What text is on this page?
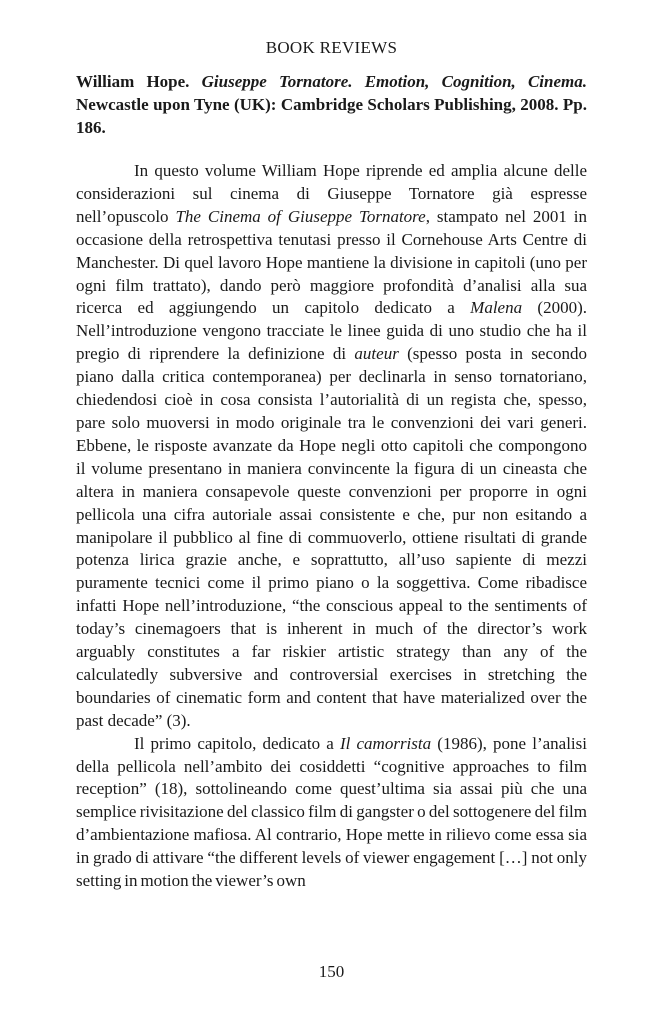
BOOK REVIEWS
William Hope. Giuseppe Tornatore. Emotion, Cognition, Cinema. Newcastle upon Tyne (UK): Cambridge Scholars Publishing, 2008. Pp. 186.

In questo volume William Hope riprende ed amplia alcune delle considerazioni sul cinema di Giuseppe Tornatore già espresse nell’opuscolo The Cinema of Giuseppe Tornatore, stampato nel 2001 in occasione della retrospettiva tenutasi presso il Cornehouse Arts Centre di Manchester. Di quel lavoro Hope mantiene la divisione in capitoli (uno per ogni film trattato), dando però maggiore profondità d’analisi alla sua ricerca ed aggiungendo un capitolo dedicato a Malena (2000). Nell’introduzione vengono tracciate le linee guida di uno studio che ha il pregio di riprendere la definizione di auteur (spesso posta in secondo piano dalla critica contemporanea) per declinarla in senso tornatoriano, chiedendosi cioè in cosa consista l’autorialità di un regista che, spesso, pare solo muoversi in modo originale tra le convenzioni dei vari generi. Ebbene, le risposte avanzate da Hope negli otto capitoli che compongono il volume presentano in maniera convincente la figura di un cineasta che altera in maniera consapevole queste convenzioni per proporre in ogni pellicola una cifra autoriale assai consistente e che, pur non esitando a manipolare il pubblico al fine di commuoverlo, ottiene risultati di grande potenza lirica grazie anche, e soprattutto, all’uso sapiente di mezzi puramente tecnici come il primo piano o la soggettiva. Come ribadisce infatti Hope nell’introduzione, “the conscious appeal to the sentiments of today’s cinemagoers that is inherent in much of the director’s work arguably constitutes a far riskier artistic strategy than any of the calculatedly subversive and controversial exercises in stretching the boundaries of cinematic form and content that have materialized over the past decade” (3).

Il primo capitolo, dedicato a Il camorrista (1986), pone l’analisi della pellicola nell’ambito dei cosiddetti “cognitive approaches to film reception” (18), sottolineando come quest’ultima sia assai più che una semplice rivisitazione del classico film di gangster o del sottogenere del film d’ambientazione mafiosa. Al contrario, Hope mette in rilievo come essa sia in grado di attivare “the different levels of viewer engagement […] not only setting in motion the viewer’s own

150
